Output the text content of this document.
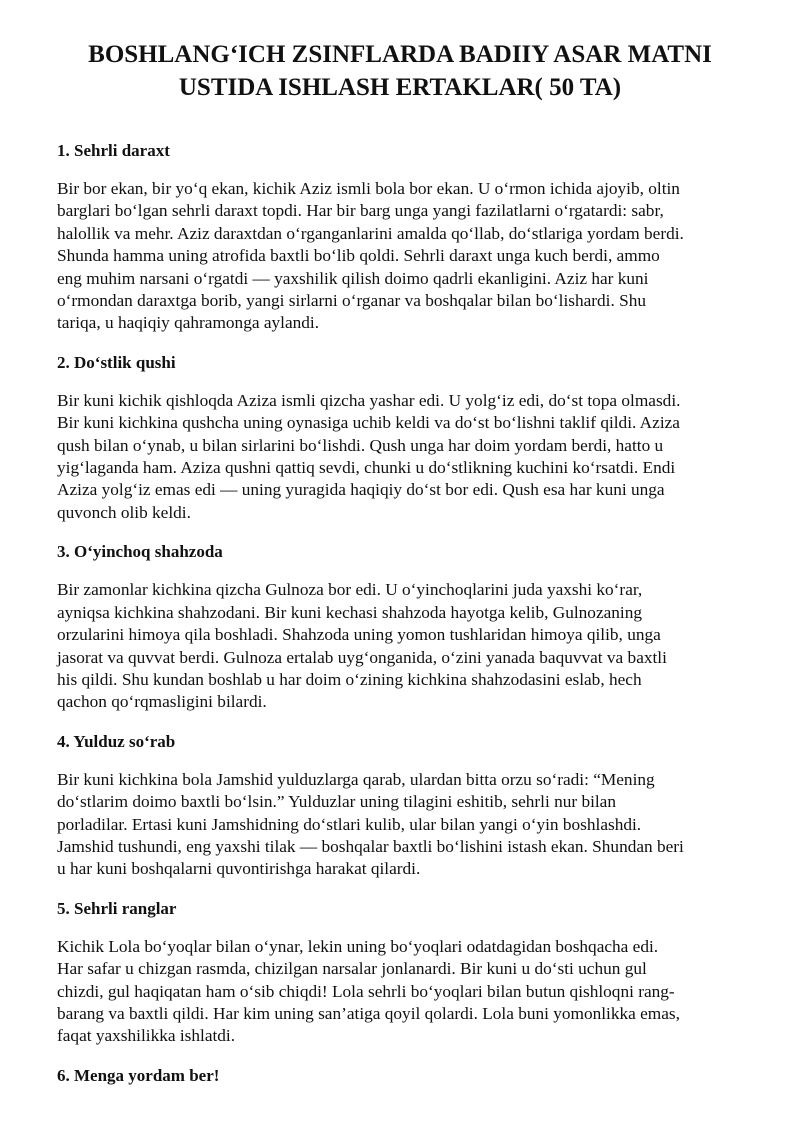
BOSHLANG‘ICH ZSINFLARDA BADIIY ASAR MATNI
USTIDA ISHLASH ERTAKLAR( 50 TA)
1. Sehrli daraxt

Bir bor ekan, bir yo‘q ekan, kichik Aziz ismli bola bor ekan. U o‘rmon ichida ajoyib, oltin
barglari bo‘lgan sehrli daraxt topdi. Har bir barg unga yangi fazilatlarni o‘rgatardi: sabr,
halollik va mehr. Aziz daraxtdan o‘rganganlarini amalda qo‘llab, do‘stlariga yordam berdi.
Shunda hamma uning atrofida baxtli bo‘lib qoldi. Sehrli daraxt unga kuch berdi, ammo
eng muhim narsani o‘rgatdi — yaxshilik qilish doimo qadrli ekanligini. Aziz har kuni
o‘rmondan daraxtga borib, yangi sirlarni o‘rganar va boshqalar bilan bo‘lishardi. Shu
tariqa, u haqiqiy qahramonga aylandi.

2. Do‘stlik qushi

Bir kuni kichik qishloqda Aziza ismli qizcha yashar edi. U yolg‘iz edi, do‘st topa olmasdi.
Bir kuni kichkina qushcha uning oynasiga uchib keldi va do‘st bo‘lishni taklif qildi. Aziza
qush bilan o‘ynab, u bilan sirlarini bo‘lishdi. Qush unga har doim yordam berdi, hatto u
yig‘laganda ham. Aziza qushni qattiq sevdi, chunki u do‘stlikning kuchini ko‘rsatdi. Endi
Aziza yolg‘iz emas edi — uning yuragida haqiqiy do‘st bor edi. Qush esa har kuni unga
quvonch olib keldi.

3. O‘yinchoq shahzoda

Bir zamonlar kichkina qizcha Gulnoza bor edi. U o‘yinchoqlarini juda yaxshi ko‘rar,
ayniqsa kichkina shahzodani. Bir kuni kechasi shahzoda hayotga kelib, Gulnozaning
orzularini himoya qila boshladi. Shahzoda uning yomon tushlaridan himoya qilib, unga
jasorat va quvvat berdi. Gulnoza ertalab uyg‘onganida, o‘zini yanada baquvvat va baxtli
his qildi. Shu kundan boshlab u har doim o‘zining kichkina shahzodasini eslab, hech
qachon qo‘rqmasligini bilardi.

4. Yulduz so‘rab

Bir kuni kichkina bola Jamshid yulduzlarga qarab, ulardan bitta orzu so‘radi: “Mening
do‘stlarim doimo baxtli bo‘lsin.” Yulduzlar uning tilagini eshitib, sehrli nur bilan
porladilar. Ertasi kuni Jamshidning do‘stlari kulib, ular bilan yangi o‘yin boshlashdi.
Jamshid tushundi, eng yaxshi tilak — boshqalar baxtli bo‘lishini istash ekan. Shundan beri
u har kuni boshqalarni quvontirishga harakat qilardi.

5. Sehrli ranglar

Kichik Lola bo‘yoqlar bilan o‘ynar, lekin uning bo‘yoqlari odatdagidan boshqacha edi.
Har safar u chizgan rasmda, chizilgan narsalar jonlanardi. Bir kuni u do‘sti uchun gul
chizdi, gul haqiqatan ham o‘sib chiqdi! Lola sehrli bo‘yoqlari bilan butun qishloqni rang-
barang va baxtli qildi. Har kim uning san’atiga qoyil qolardi. Lola buni yomonlikka emas,
faqat yaxshilikka ishlatdi.

6. Menga yordam ber!
